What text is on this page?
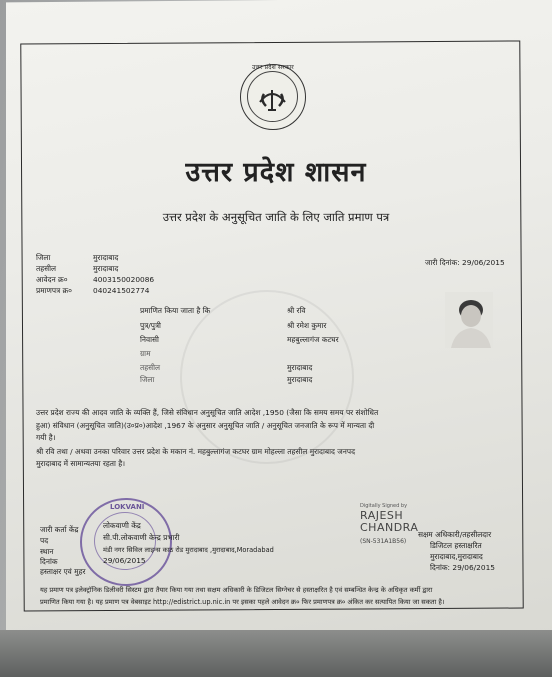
उत्तर प्रदेश सरकार
उत्तर प्रदेश शासन
उत्तर प्रदेश के अनुसूचित जाति के लिए जाति प्रमाण पत्र
जिला	मुरादाबाद
तहसील	मुरादाबाद
आवेदन क्र०	4003150020086
प्रमाणपत्र क्र०	040241502774
जारी दिनांक: 29/06/2015
प्रमाणित किया जाता है कि	श्री रवि
पुत्र/पुत्री	श्री रमेश कुमार
निवासी	महबुल्लागंज कटघर
ग्राम
तहसील	मुरादाबाद
जिला	मुरादाबाद
उत्तर प्रदेश राज्य की आदव जाति के व्यक्ति हैं, जिसे संविधान अनुसूचित जाति आदेश ,1950 (जैसा कि समय समय पर संशोधित
हुआ) संविधान (अनुसूचित जाति)(उ०प्र०)आदेश ,1967 के अनुसार अनुसूचित जाति / अनुसूचित जनजाति के रूप में मान्यता दी
गयी है।
श्री रवि तथा / अथवा उनका परिवार उत्तर प्रदेश के मकान नं. महबुल्लागंज कटघर ग्राम मोहल्ला तहसील मुरादाबाद जनपद
मुरादाबाद में सामान्यतया रहता है।
LOKVANI
जारी कर्ता केंद्र	लोकवाणी केंद्र
पद	सी.पी.लोकवाणी केन्द्र प्रभारी
स्थान	मंडी नगर सिविल लाइन्स काठ रोड मुरादाबाद ,मुरादाबाद,Moradabad
दिनांक	29/06/2015
हस्ताक्षर एवं मुहर
Digitally Signed by
RAJESH
CHANDRA
(SN-531A1B56)
सक्षम अधिकारी/तहसीलदार
डिजिटल हस्ताक्षरित
मुरादाबाद,मुरादाबाद
दिनांक: 29/06/2015
यह प्रमाण पत्र इलेक्ट्रॉनिक डिलीवरी सिस्टम द्वारा तैयार किया गया तथा सक्षम अधिकारी के डिजिटल सिग्नेचर से हस्ताक्षरित है एवं सम्बन्धित केन्द्र के अधिकृत कर्मी द्वारा
प्रमाणित किया गया है। यह प्रमाण पत्र वेबसाइट http://edistrict.up.nic.in पर इसका पहले आवेदन क्र० फिर प्रमाणपत्र क्र० अंकित कर सत्यापित किया जा सकता है।
